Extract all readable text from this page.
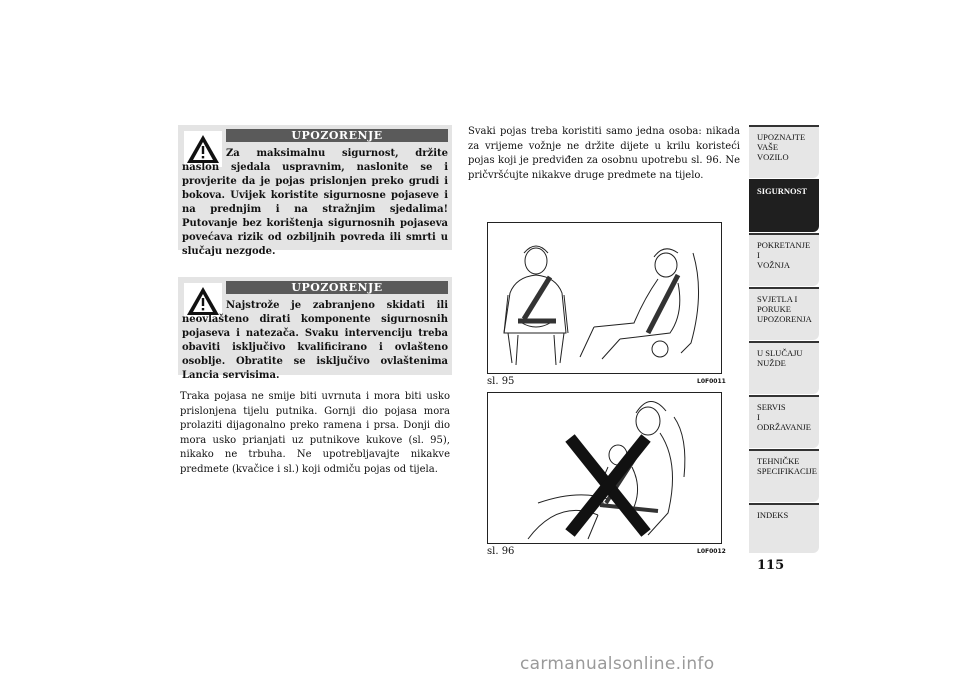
UPOZORENJE
Za maksimalnu sigurnost, držite naslon sjedala uspravnim, naslonite se i provjerite da je pojas prislonjen preko grudi i bokova. Uvijek koristite sigurnosne pojaseve i na prednjim i na stražnjim sjedalima! Putovanje bez korištenja sigurnosnih pojaseva povećava rizik od ozbiljnih povreda ili smrti u slučaju nezgode.
UPOZORENJE
Najstrože je zabranjeno skidati ili neovlašteno dirati komponente sigurnosnih pojaseva i natezača. Svaku intervenciju treba obaviti isključivo kvalificirano i ovlašteno osoblje. Obratite se isključivo ovlaštenima Lancia servisima.
Traka pojasa ne smije biti uvrnuta i mora biti usko prislonjena tijelu putnika. Gornji dio pojasa mora prolaziti dijagonalno preko ramena i prsa. Donji dio mora usko prianjati uz putnikove kukove (sl. 95), nikako ne trbuha. Ne upotrebljavajte nikakve predmete (kvačice i sl.) koji odmiču pojas od tijela.
Svaki pojas treba koristiti samo jedna osoba: nikada za vrijeme vožnje ne držite dijete u krilu koristeći pojas koji je predviđen za osobnu upotrebu sl. 96. Ne pričvršćujte nikakve druge predmete na tijelo.
sl. 95	L0F0011
sl. 96	L0F0012
UPOZNAJTE
VAŠE
VOZILO
SIGURNOST
POKRETANJE
I
VOŽNJA
SVJETLA I
PORUKE
UPOZORENJA
U SLUČAJU
NUŽDE
SERVIS
I
ODRŽAVANJE
TEHNIČKE
SPECIFIKACIJE
INDEKS
115
carmanualsonline.info
